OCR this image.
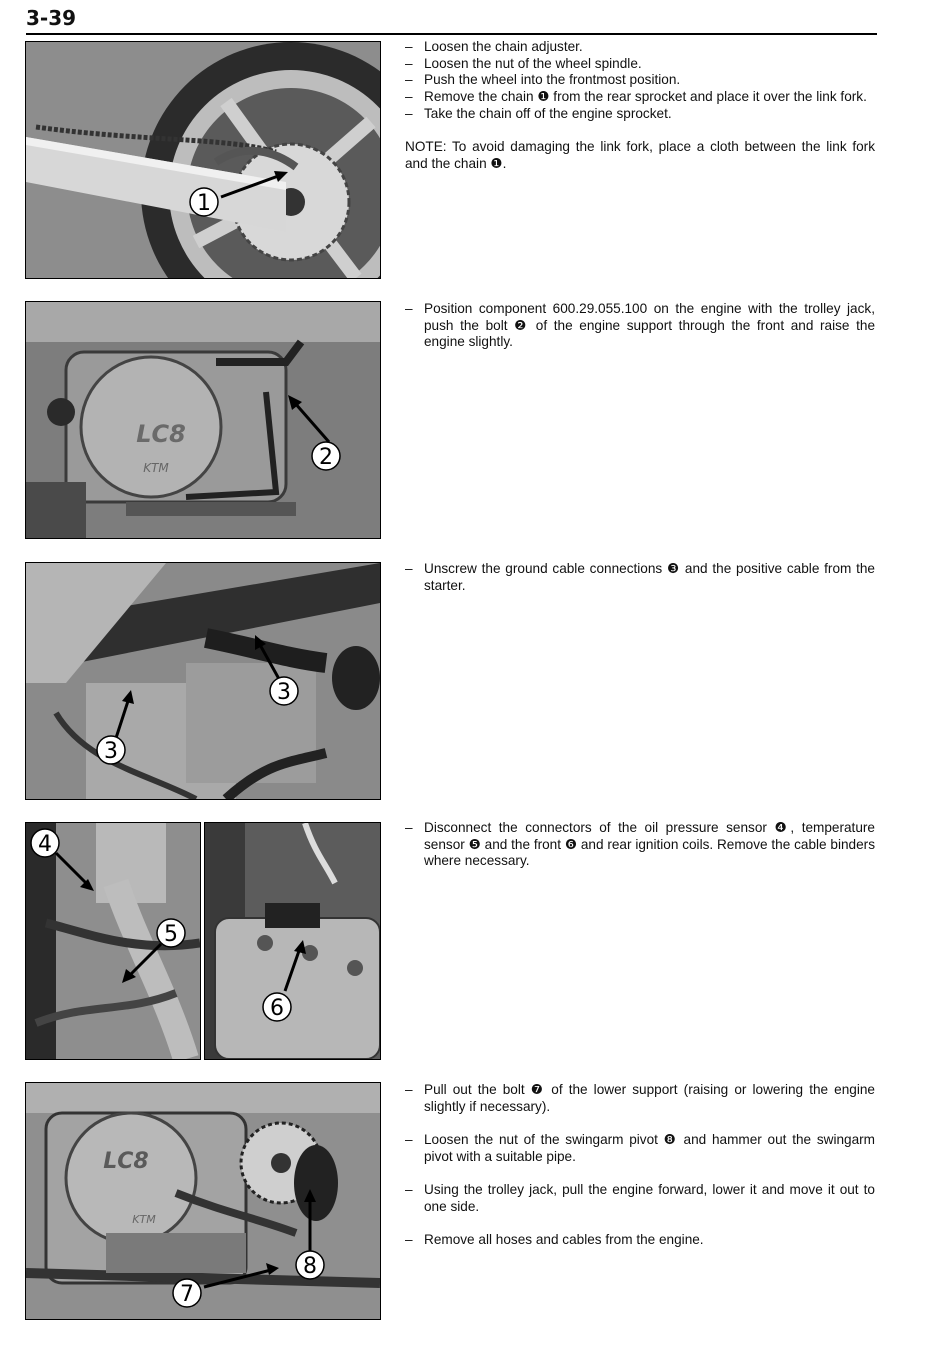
3-39
1
– Loosen the chain adjuster.
– Loosen the nut of the wheel spindle.
– Push the wheel into the frontmost position.
– Remove the chain ❶ from the rear sprocket and place it over the link fork.
– Take the chain off of the engine sprocket.
NOTE: To avoid damaging the link fork, place a cloth between the link fork and the chain ❶.
LC8
KTM	2
– Position component 600.29.055.100 on the engine with the trolley jack, push the bolt ❷ of the engine support through the front and raise the engine slightly.
3
3
– Unscrew the ground cable connections ❸ and the positive cable from the starter.
4
5
6
– Disconnect the connectors of the oil pressure sensor ❹, temperature sensor ❺ and the front ❻ and rear ignition coils. Remove the cable binders where necessary.
LC8
KTM
7
8
– Pull out the bolt ❼ of the lower support (raising or lowering the engine slightly if necessary).
– Loosen the nut of the swingarm pivot ❽ and hammer out the swingarm pivot with a suitable pipe.
– Using the trolley jack, pull the engine forward, lower it and move it out to one side.
– Remove all hoses and cables from the engine.
